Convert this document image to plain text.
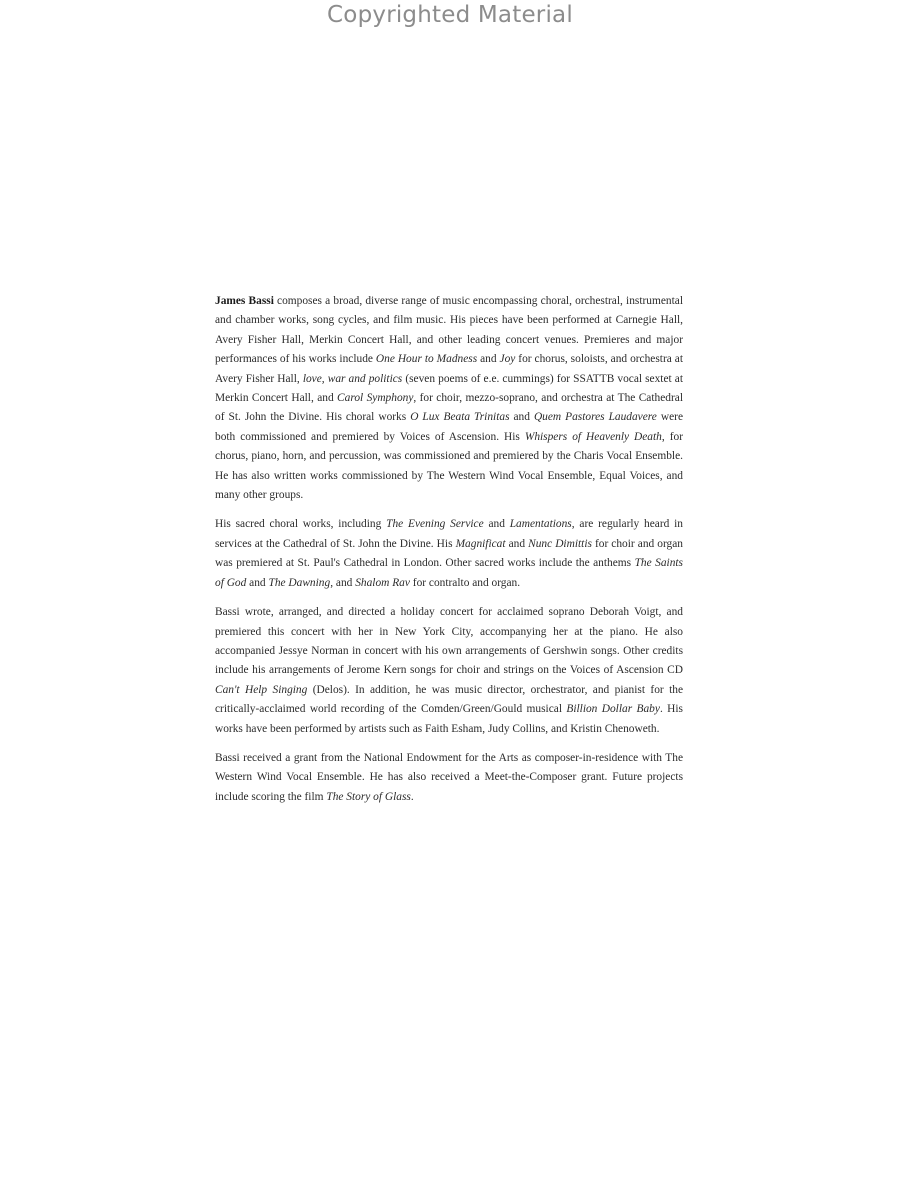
Copyrighted Material

James Bassi composes a broad, diverse range of music encompassing choral, orchestral, instrumental and chamber works, song cycles, and film music. His pieces have been performed at Carnegie Hall, Avery Fisher Hall, Merkin Concert Hall, and other leading concert venues. Premieres and major performances of his works include One Hour to Madness and Joy for chorus, soloists, and orchestra at Avery Fisher Hall, love, war and politics (seven poems of e.e. cummings) for SSATTB vocal sextet at Merkin Concert Hall, and Carol Symphony, for choir, mezzo-soprano, and orchestra at The Cathedral of St. John the Divine. His choral works O Lux Beata Trinitas and Quem Pastores Laudavere were both commissioned and premiered by Voices of Ascension. His Whispers of Heavenly Death, for chorus, piano, horn, and percussion, was commissioned and premiered by the Charis Vocal Ensemble. He has also written works commissioned by The Western Wind Vocal Ensemble, Equal Voices, and many other groups.

His sacred choral works, including The Evening Service and Lamentations, are regularly heard in services at the Cathedral of St. John the Divine. His Magnificat and Nunc Dimittis for choir and organ was premiered at St. Paul's Cathedral in London. Other sacred works include the anthems The Saints of God and The Dawning, and Shalom Rav for contralto and organ.

Bassi wrote, arranged, and directed a holiday concert for acclaimed soprano Deborah Voigt, and premiered this concert with her in New York City, accompanying her at the piano. He also accompanied Jessye Norman in concert with his own arrangements of Gershwin songs. Other credits include his arrangements of Jerome Kern songs for choir and strings on the Voices of Ascension CD Can't Help Singing (Delos). In addition, he was music director, orchestrator, and pianist for the critically-acclaimed world recording of the Comden/Green/Gould musical Billion Dollar Baby. His works have been performed by artists such as Faith Esham, Judy Collins, and Kristin Chenoweth.

Bassi received a grant from the National Endowment for the Arts as composer-in-residence with The Western Wind Vocal Ensemble. He has also received a Meet-the-Composer grant. Future projects include scoring the film The Story of Glass.
